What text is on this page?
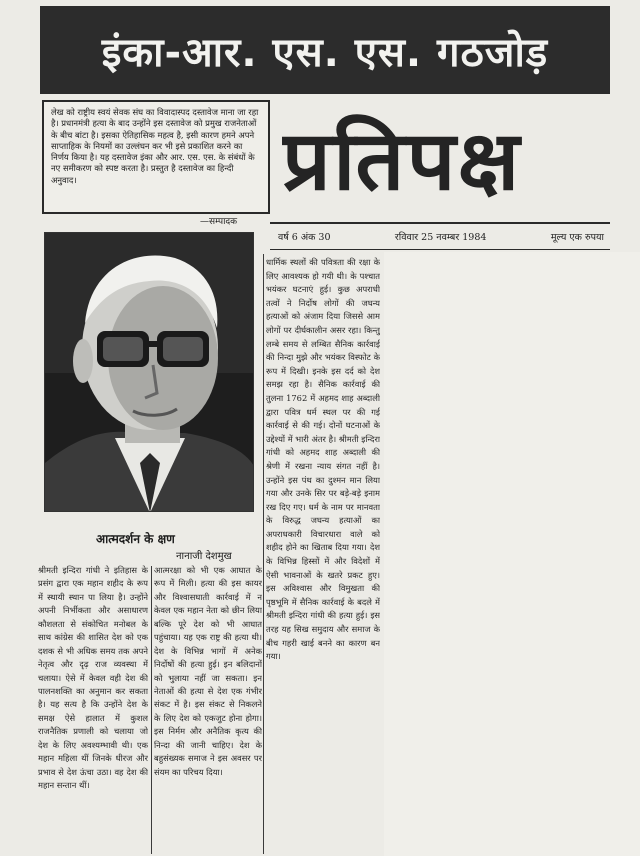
इंका-आर. एस. एस. गठजोड़
लेख को राष्ट्रीय स्वयं सेवक संघ का विवादास्पद दस्तावेज माना जा रहा है। प्रधानमंत्री हत्या के बाद उन्होंने इस दस्तावेज को प्रमुख राजनेताओं के बीच बांटा है। इसका ऐतिहासिक महत्व है, इसी कारण हमने अपने साप्ताहिक के नियमों का उल्लंघन कर भी इसे प्रकाशित करने का निर्णय किया है। यह दस्तावेज इंका और आर. एस. एस. के संबंधों के नए समीकरण को स्पष्ट करता है। प्रस्तुत है दस्तावेज का हिन्दी अनुवाद।
—सम्पादक
प्रतिपक्ष
वर्ष 6 अंक 30	रविवार 25 नवम्बर 1984	मूल्य एक रुपया
आत्मदर्शन के क्षण
नानाजी देशमुख
श्रीमती इन्दिरा गांधी ने इतिहास के प्रसंग द्वारा एक महान शहीद के रूप में स्थायी स्थान पा लिया है। उन्होंने अपनी निर्भीकता और असाधारण कौशलता से संकोचित मनोबल के साथ कांग्रेस की शासित देश को एक दशक से भी अधिक समय तक अपने नेतृत्व और दृढ़ राज व्यवस्था में चलाया। ऐसे में केवल वही देश की पालनशक्ति का अनुमान कर सकता है। यह सत्य है कि उन्होंने देश के समक्ष ऐसे हालात में कुशल राजनैतिक प्रणाली को चलाया जो देश के लिए अवश्यम्भावी थी। एक महान महिला थीं जिनके धीरज और प्रभाव से देश ऊंचा उठा। वह देश की महान सन्तान थीं।
आत्मरक्षा को भी एक आघात के रूप में मिली। हत्या की इस कायर और विश्वासघाती कार्रवाई में न केवल एक महान नेता को छीन लिया बल्कि पूरे देश को भी आघात पहुंचाया। यह एक राष्ट्र की हत्या थी। देश के विभिन्न भागों में अनेक निर्दोषों की हत्या हुई। इन बलिदानों को भुलाया नहीं जा सकता। इन नेताओं की हत्या से देश एक गंभीर संकट में है। इस संकट से निकलने के लिए देश को एकजुट होना होगा। इस निर्मम और अनैतिक कृत्य की निन्दा की जानी चाहिए। देश के बहुसंख्यक समाज ने इस अवसर पर संयम का परिचय दिया।
धार्मिक स्थलों की पवित्रता की रक्षा के लिए आवश्यक हो गयी थी। के पश्चात भयंकर घटनाएं हुई। कुछ अपराधी तत्वों ने निर्दोष लोगों की जघन्य हत्याओं को अंजाम दिया जिससे आम लोगों पर दीर्घकालीन असर रहा। किन्तु लम्बे समय से लम्बित सैनिक कार्रवाई की निन्दा मुझे और भयंकर विस्फोट के रूप में दिखी। इनके इस दर्द को देश समझ रहा है। सैनिक कार्रवाई की तुलना 1762 में अहमद शाह अब्दाली द्वारा पवित्र धर्म स्थल पर की गई कार्रवाई से की गई। दोनों घटनाओं के उद्देश्यों में भारी अंतर है। श्रीमती इन्दिरा गांधी को अहमद शाह अब्दाली की श्रेणी में रखना न्याय संगत नहीं है। उन्होंने इस पंथ का दुश्मन मान लिया गया और उनके सिर पर बड़े-बड़े इनाम रख दिए गए। धर्म के नाम पर मानवता के विरुद्ध जघन्य हत्याओं का अपराधकारी विचारधारा वाले को शहीद होने का खिताब दिया गया। देश के विभिन्न हिस्सों में और विदेशों में ऐसी भावनाओं के खतरे प्रकट हुए। इस अविश्वास और विमुखता की पृष्ठभूमि में सैनिक कार्रवाई के बदले में श्रीमती इन्दिरा गांधी की हत्या हुई। इस तरह यह सिख समुदाय और समाज के बीच गहरी खाई बनने का कारण बन गया।
